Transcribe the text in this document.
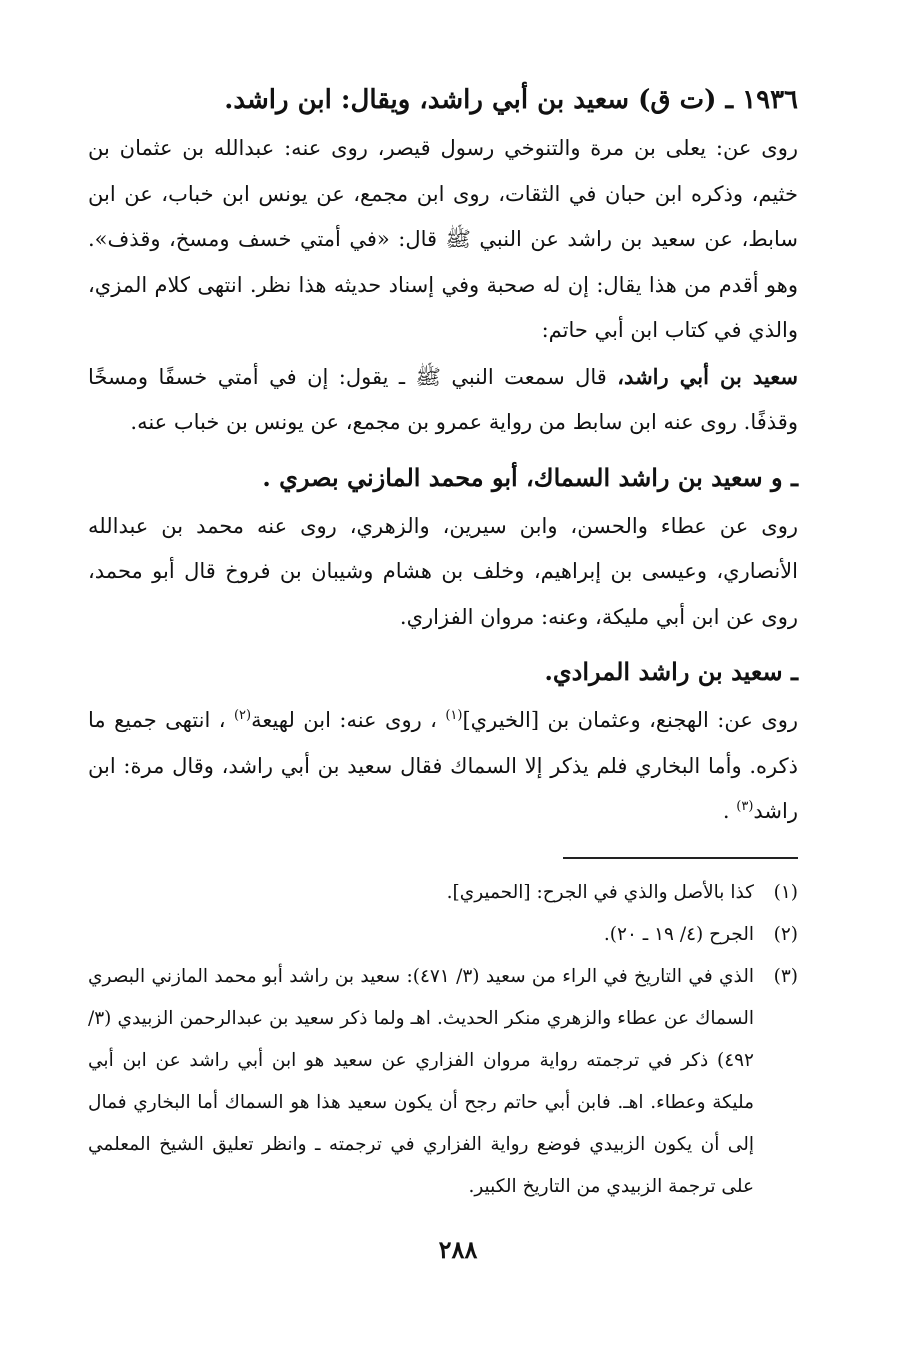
١٩٣٦ ـ (ت ق) سعيد بن أبي راشد، ويقال: ابن راشد.

روى عن: يعلى بن مرة والتنوخي رسول قيصر، روى عنه: عبدالله بن عثمان بن خثيم، وذكره ابن حبان في الثقات، روى ابن مجمع، عن يونس ابن خباب، عن ابن سابط، عن سعيد بن راشد عن النبي ﷺ قال: «في أمتي خسف ومسخ، وقذف». وهو أقدم من هذا يقال: إن له صحبة وفي إسناد حديثه هذا نظر. انتهى كلام المزي، والذي في كتاب ابن أبي حاتم:

سعيد بن أبي راشد، قال سمعت النبي ﷺ ـ يقول: إن في أمتي خسفًا ومسخًا وقذفًا. روى عنه ابن سابط من رواية عمرو بن مجمع، عن يونس بن خباب عنه.

ـ و سعيد بن راشد السماك، أبو محمد المازني بصري .

روى عن عطاء والحسن، وابن سيرين، والزهري، روى عنه محمد بن عبدالله الأنصاري، وعيسى بن إبراهيم، وخلف بن هشام وشيبان بن فروخ قال أبو محمد، روى عن ابن أبي مليكة، وعنه: مروان الفزاري.

ـ سعيد بن راشد المرادي.

روى عن: الهجنع، وعثمان بن [الخيري]$^{(١)}$ ، روى عنه: ابن لهيعة$^{(٢)}$ ، انتهى جميع ما ذكره. وأما البخاري فلم يذكر إلا السماك فقال سعيد بن أبي راشد، وقال مرة: ابن راشد$^{(٣)}$ .

(١)
كذا بالأصل والذي في الجرح: [الحميري].
(٢)
الجرح (٤/ ١٩ ـ ٢٠).
(٣)
الذي في التاريخ في الراء من سعيد (٣/ ٤٧١): سعيد بن راشد أبو محمد المازني البصري السماك عن عطاء والزهري منكر الحديث. اهـ ولما ذكر سعيد بن عبدالرحمن الزبيدي (٣/ ٤٩٢) ذكر في ترجمته رواية مروان الفزاري عن سعيد هو ابن أبي راشد عن ابن أبي مليكة وعطاء. اهـ. فابن أبي حاتم رجح أن يكون سعيد هذا هو السماك أما البخاري فمال إلى أن يكون الزبيدي فوضع رواية الفزاري في ترجمته ـ وانظر تعليق الشيخ المعلمي على ترجمة الزبيدي من التاريخ الكبير.
٢٨٨
